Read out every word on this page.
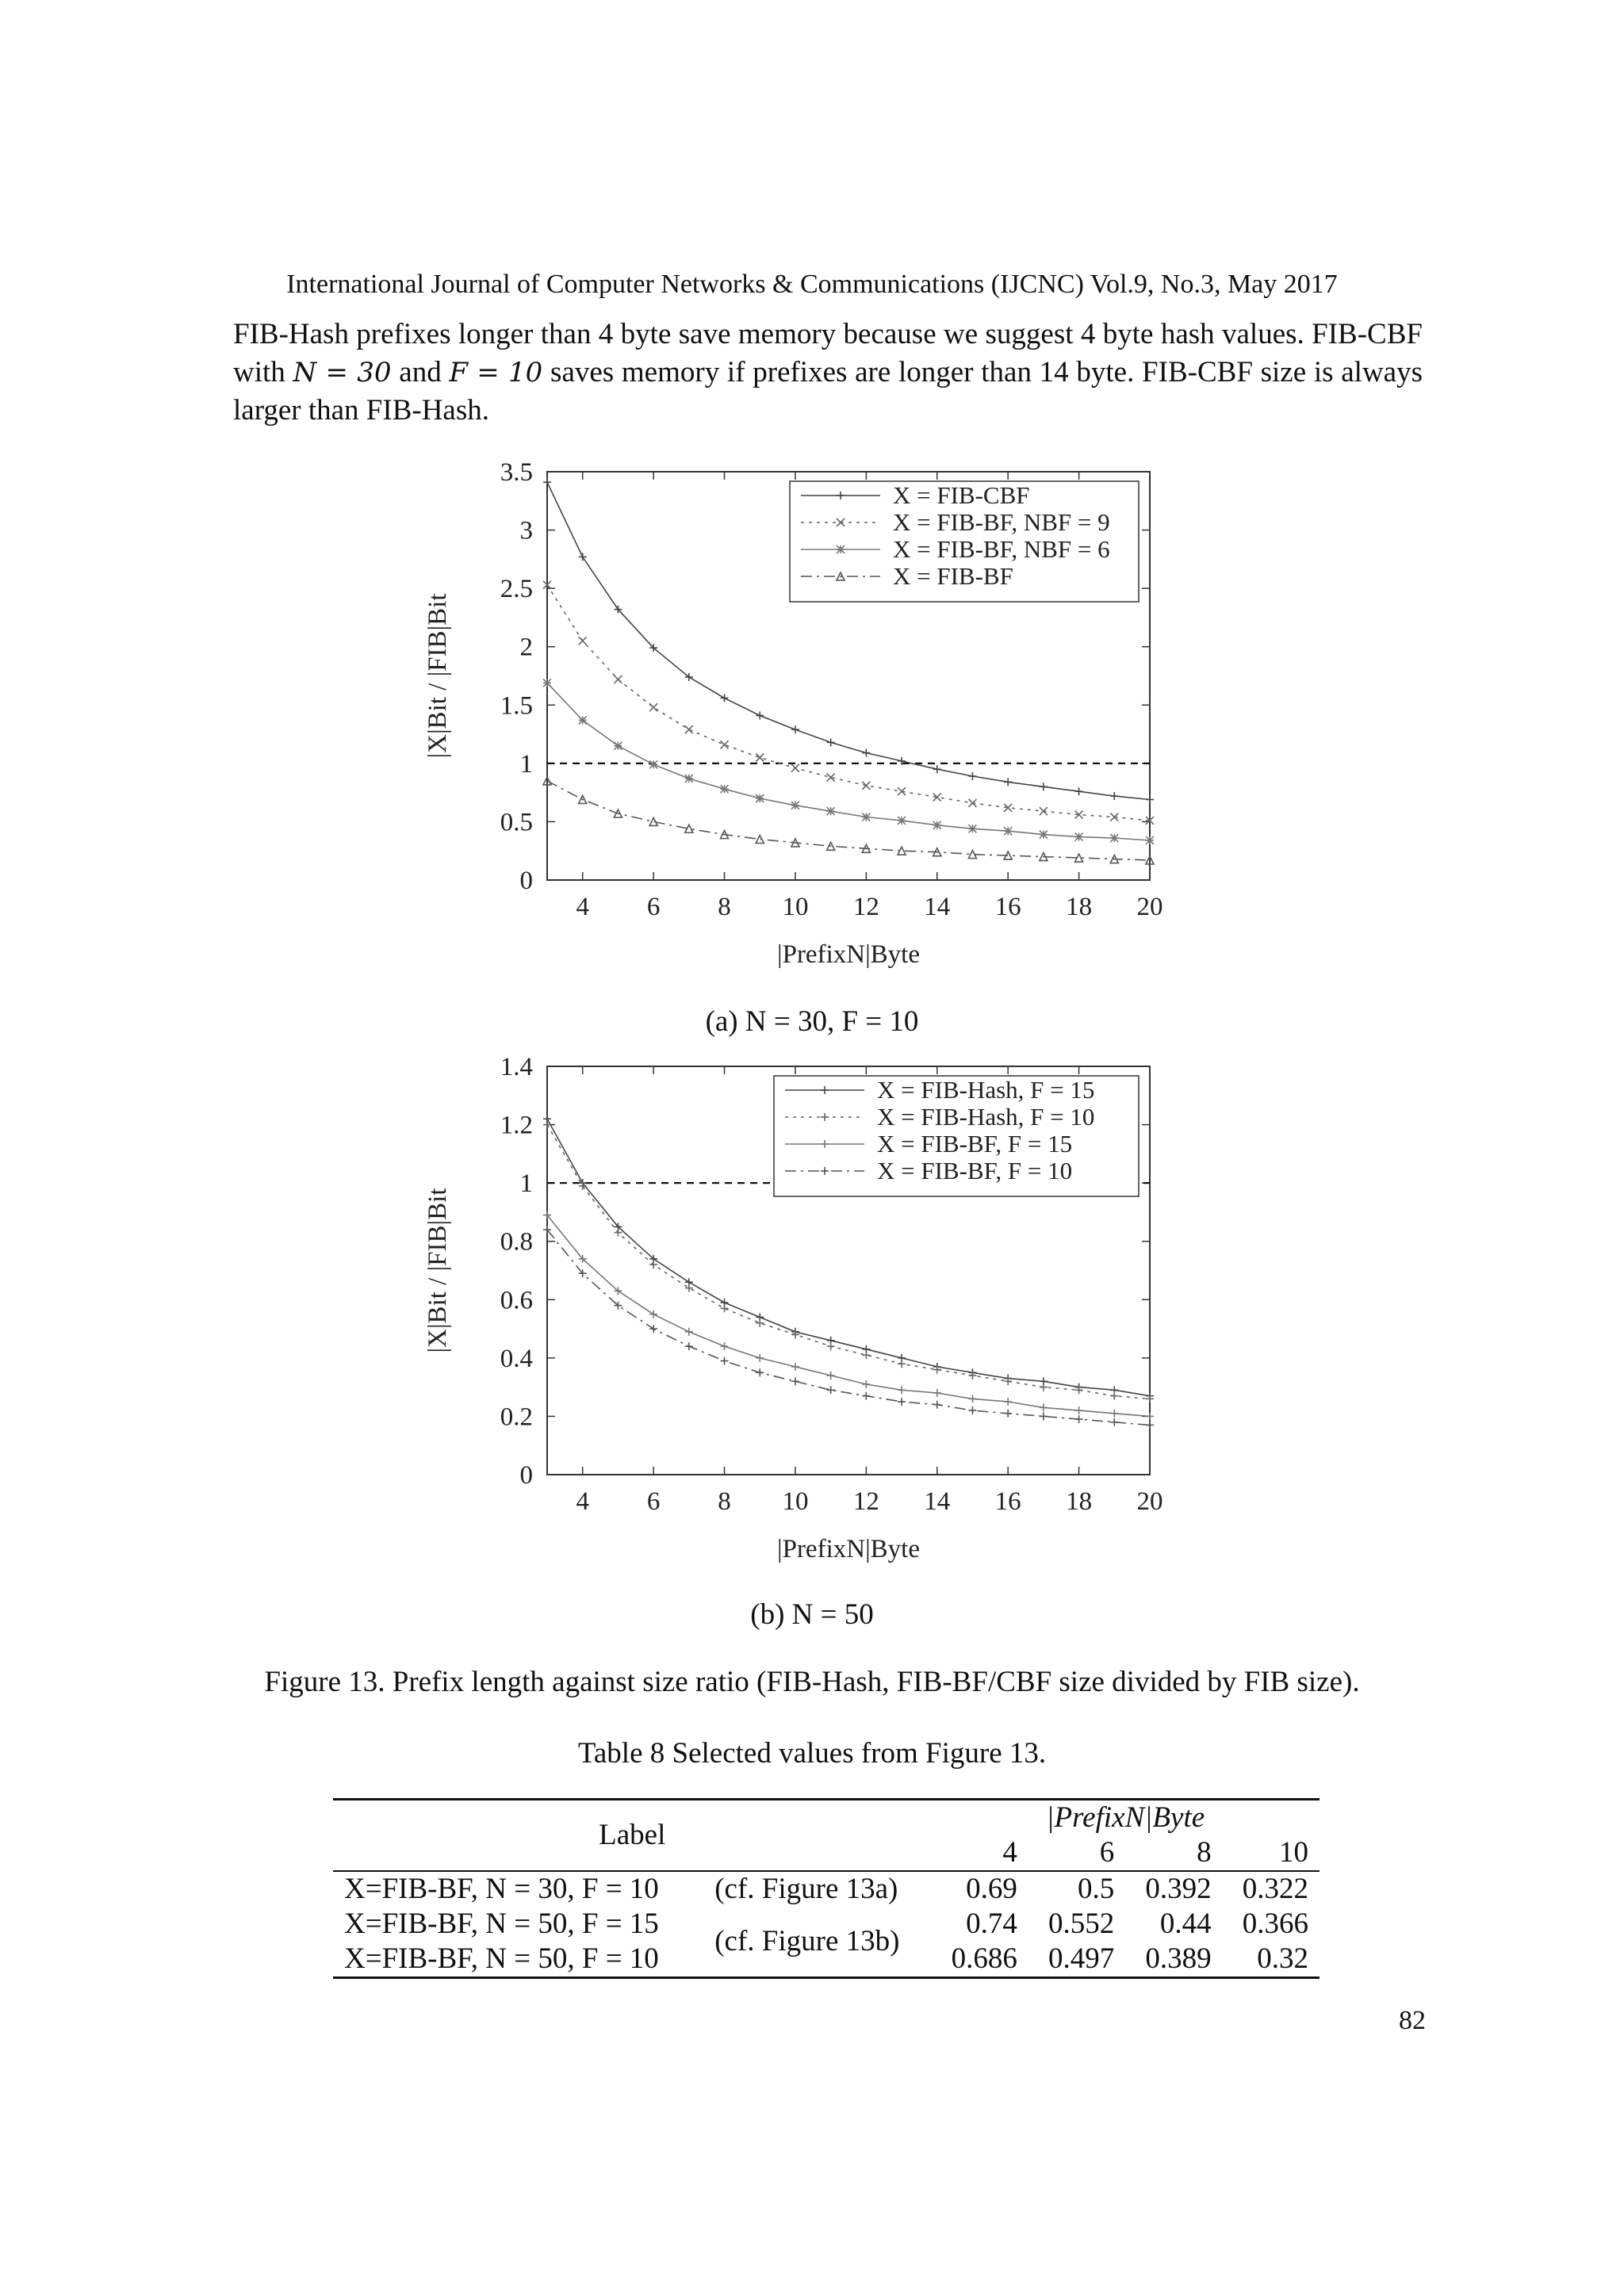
International Journal of Computer Networks & Communications (IJCNC) Vol.9, No.3, May 2017
FIB-Hash prefixes longer than 4 byte save memory because we suggest 4 byte hash values. FIB-CBF with N = 30 and F = 10 saves memory if prefixes are longer than 14 byte. FIB-CBF size is always larger than FIB-Hash.
0
0.5
1
1.5
2
2.5
3
3.5
4 6 8 10 12 14 16 18 20
X = FIB-CBF
X = FIB-BF, NBF = 9
X = FIB-BF, NBF = 6
X = FIB-BF
|PrefixN|Byte
|X|Bit / |FIB|Bit
(a) N = 30, F = 10
0
0.2
0.4
0.6
0.8
1
1.2
1.4
4 6 8 10 12 14 16 18 20
X = FIB-Hash, F = 15
X = FIB-Hash, F = 10
X = FIB-BF, F = 15
X = FIB-BF, F = 10
|PrefixN|Byte
|X|Bit / |FIB|Bit
(b) N = 50
Figure 13. Prefix length against size ratio (FIB-Hash, FIB-BF/CBF size divided by FIB size).
Table 8 Selected values from Figure 13.
Label		|PrefixN|Byte			
		4	6	8	10
X=FIB-BF, N = 30, F = 10	(cf. Figure 13a)	0.69	0.5	0.392	0.322
X=FIB-BF, N = 50, F = 15	(cf. Figure 13b)	0.74	0.552	0.44	0.366
X=FIB-BF, N = 50, F = 10		0.686	0.497	0.389	0.32
82
